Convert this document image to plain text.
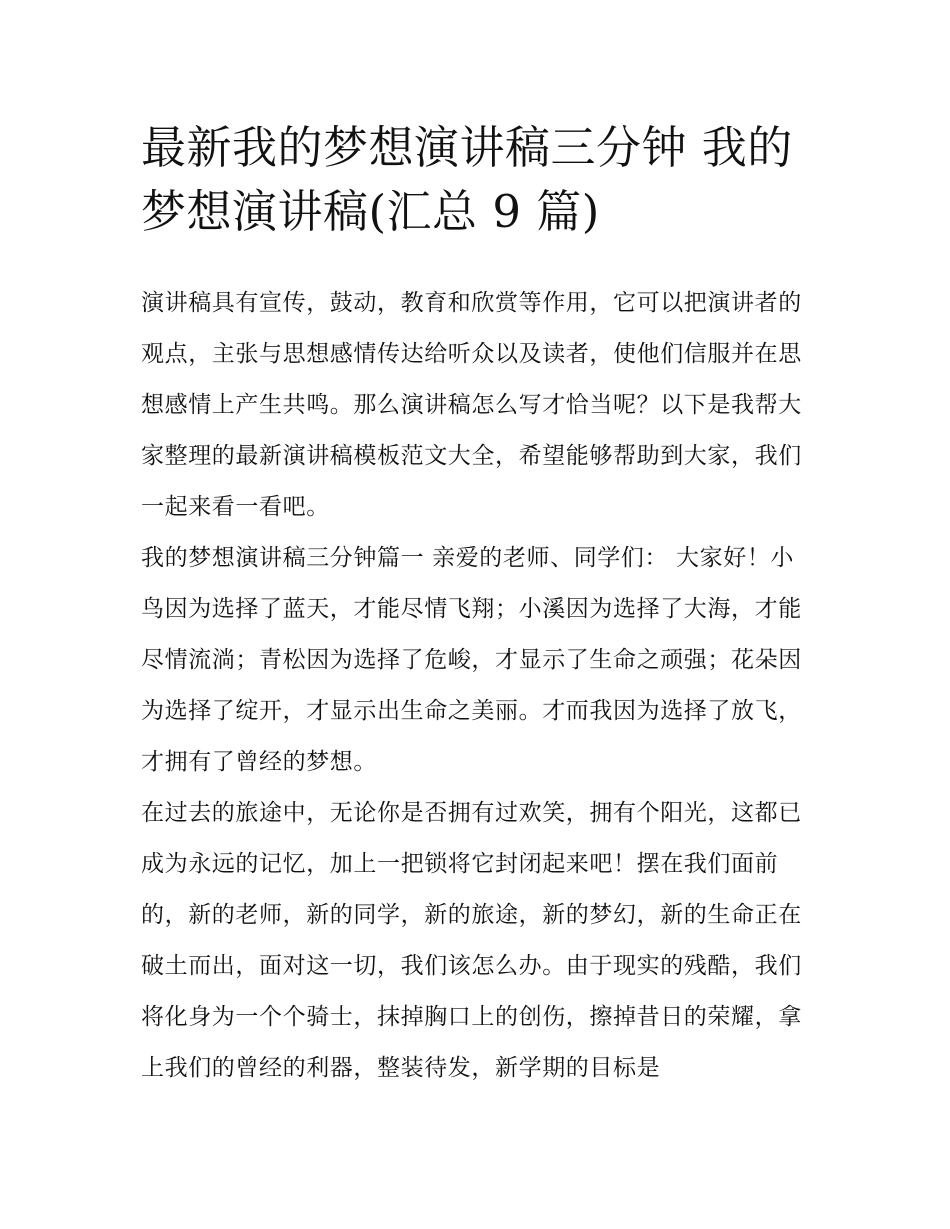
最新我的梦想演讲稿三分钟 我的梦想演讲稿(汇总 9 篇)

演讲稿具有宣传，鼓动，教育和欣赏等作用，它可以把演讲者的观点，主张与思想感情传达给听众以及读者，使他们信服并在思想感情上产生共鸣。那么演讲稿怎么写才恰当呢？以下是我帮大家整理的最新演讲稿模板范文大全，希望能够帮助到大家，我们一起来看一看吧。

我的梦想演讲稿三分钟篇一 亲爱的老师、同学们： 大家好！小鸟因为选择了蓝天，才能尽情飞翔；小溪因为选择了大海，才能尽情流淌；青松因为选择了危峻，才显示了生命之顽强；花朵因为选择了绽开，才显示出生命之美丽。才而我因为选择了放飞，才拥有了曾经的梦想。

在过去的旅途中，无论你是否拥有过欢笑，拥有个阳光，这都已成为永远的记忆，加上一把锁将它封闭起来吧！摆在我们面前的，新的老师，新的同学，新的旅途，新的梦幻，新的生命正在破土而出，面对这一切，我们该怎么办。由于现实的残酷，我们将化身为一个个骑士，抹掉胸口上的创伤，擦掉昔日的荣耀，拿上我们的曾经的利器，整装待发，新学期的目标是
